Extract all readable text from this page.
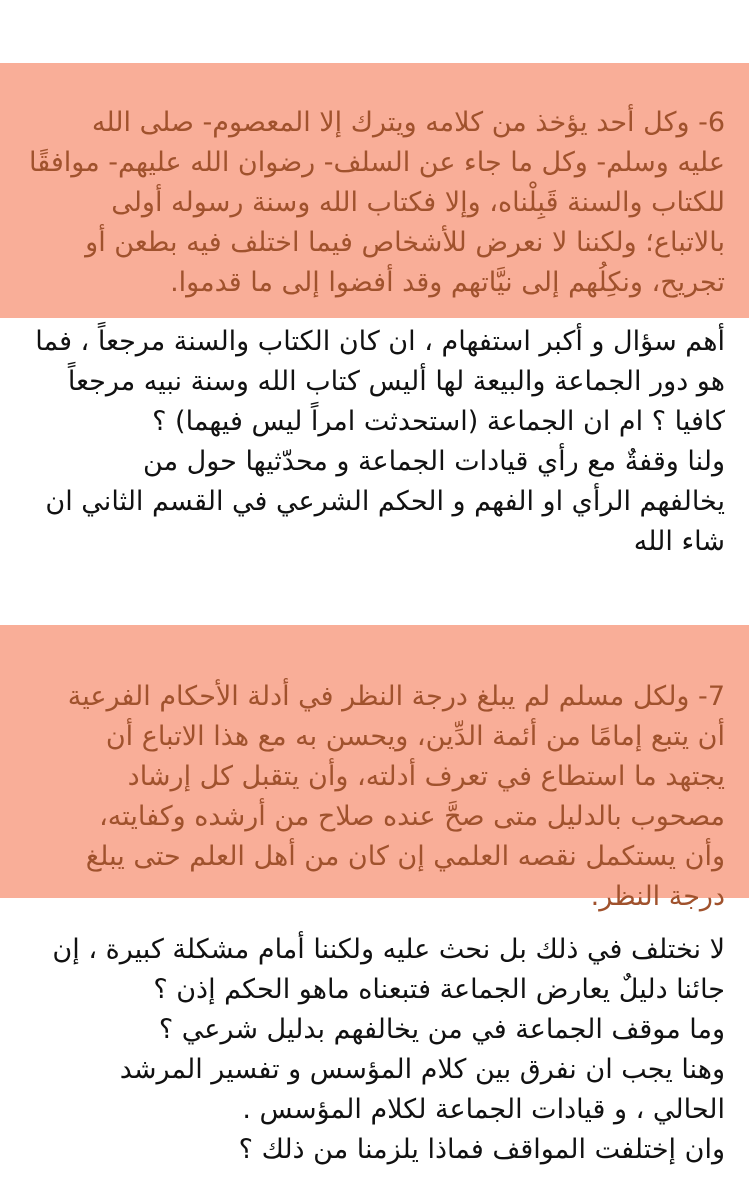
6- وكل أحد يؤخذ من كلامه ويترك إلا المعصوم- صلى الله
عليه وسلم- وكل ما جاء عن السلف- رضوان الله عليهم- موافقًا
للكتاب والسنة قَبِلْناه، وإلا فكتاب الله وسنة رسوله أولى
بالاتباع؛ ولكننا لا نعرض للأشخاص فيما اختلف فيه بطعن أو
تجريح، ونكِلُهم إلى نيَّاتهم وقد أفضوا إلى ما قدموا.
أهم سؤال و أكبر استفهام ، ان كان الكتاب والسنة مرجعاً ، فما
هو دور الجماعة والبيعة لها أليس كتاب الله وسنة نبيه مرجعاً
كافيا ؟ ام ان الجماعة (استحدثت امراً ليس فيهما) ؟
ولنا وقفةٌ مع رأي قيادات الجماعة و محدّثيها حول من
يخالفهم الرأي او الفهم و الحكم الشرعي في القسم الثاني ان
شاء الله
7- ولكل مسلم لم يبلغ درجة النظر في أدلة الأحكام الفرعية
أن يتبع إمامًا من أئمة الدِّين، ويحسن به مع هذا الاتباع أن
يجتهد ما استطاع في تعرف أدلته، وأن يتقبل كل إرشاد
مصحوب بالدليل متى صحَّ عنده صلاح من أرشده وكفايته،
وأن يستكمل نقصه العلمي إن كان من أهل العلم حتى يبلغ
درجة النظر.
لا نختلف في ذلك بل نحث عليه ولكننا أمام مشكلة كبيرة ، إن
جائنا دليلٌ يعارض الجماعة فتبعناه ماهو الحكم إذن ؟
وما موقف الجماعة في من يخالفهم بدليل شرعي ؟
وهنا يجب ان نفرق بين كلام المؤسس و تفسير المرشد
الحالي ، و قيادات الجماعة لكلام المؤسس .
وان إختلفت المواقف فماذا يلزمنا من ذلك ؟
